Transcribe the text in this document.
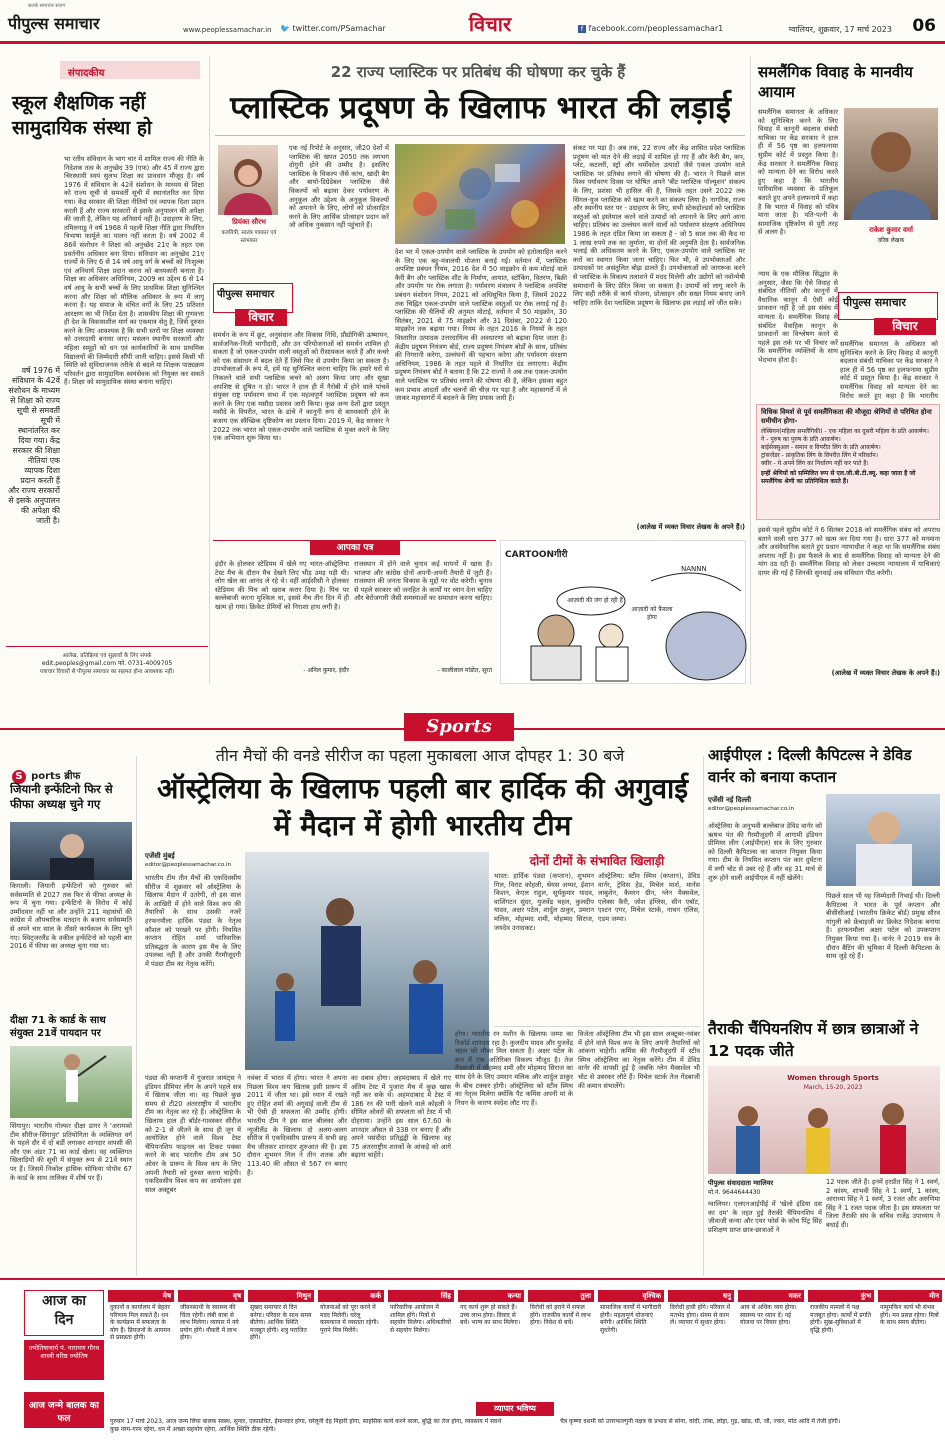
पीपुल्स समाचार
सतर्क समाचार सजग
www.peoplessamachar.in	🐦 twitter.com/PSamachar	विचार	f facebook.com/peoplessamachar1	ग्वालियर, शुक्रवार, 17 मार्च 2023	06
संपादकीय
स्कूल शैक्षणिक नहीं सामुदायिक संस्था हो
भा रतीय संविधान के भाग चार में शामिल राज्य की नीति के निदेशक तत्व के अनुच्छेद 39 (एफ) और 45 में राज्य द्वारा चिरस्थायी स्वयं सुलभ शिक्षा का प्रावधान मौजूद है। वर्ष 1976 में संविधान के 42वें संशोधन के माध्यम से शिक्षा को राज्य सूची से समवर्ती सूची में स्थानांतरित कर दिया गया। केंद्र सरकार की शिक्षा नीतियों एवं व्यापक दिशा प्रदान करती हैं और राज्य सरकारों से इसके अनुपालन की अपेक्षा की जाती है, लेकिन यह अनिवार्य नहीं है। उदाहरण के लिए, तमिलनाडु ने वर्ष 1968 में पहली शिक्षा नीति द्वारा निर्धारित त्रिभाषा फार्मूले का पालन नहीं करता है। वर्ष 2002 में 86वें संशोधन ने शिक्षा को अनुच्छेद 21ए के तहत एक प्रवर्तनीय अधिकार बना दिया। संविधान का अनुच्छेद 21ए राज्यों के लिए 6 से 14 वर्ष आयु वर्ग के बच्चों को निःशुल्क एवं अनिवार्य शिक्षा प्रदान करना को बाध्यकारी बनाता है। शिक्षा का अधिकार अधिनियम, 2009 का उद्देश्य 6 से 14 वर्ष आयु के सभी बच्चों के लिए प्राथमिक शिक्षा सुनिश्चित करना और शिक्षा को मौलिक अधिकार के रूप में लागू करना है। यह समाज के वंचित वर्गों के लिए 25 प्रतिशत आरक्षण का भी निर्देश देता है। शासकीय शिक्षा की गुणवत्ता ही देश के विकासशील मार्ग का एकमात्र सेतु है, जिसे दुरुस्त करने के लिए आवश्यक है कि सभी स्तरों पर शिक्षा व्यवस्था को उत्तरदायी बनाया जाए। मसलन स्थानीय सरकारों और महिला समूहों को धन एवं कार्यकारियों के साथ प्राथमिक विद्यालयों की जिम्मेदारी सौंपी जानी चाहिए। इससे किसी भी स्थिति को सुविधाजनक तरीके से बदले या शिक्षक पाठ्यक्रम परिवर्तन द्वारा सामुदायिक स्वयंसेवक को नियुक्त कर सकते हैं। शिक्षा को सामुदायिक संस्था बनाना चाहिए।
वर्ष 1976 में संविधान के 42वें संशोधन के माध्यम से शिक्षा को राज्य सूची से समवर्ती सूची में स्थानांतरित कर दिया गया। केंद्र सरकार की शिक्षा नीतियां एक व्यापक दिशा प्रदान करती हैं और राज्य सरकारों से इसके अनुपालन की अपेक्षा की जाती है।
आलेख, प्रतिक्रिया एवं सुझावों के लिए संपर्क
edit.peoples@gmail.com फो. 0731-4009705
पत्राचार विचारों से पीपुल्स समाचार का सहमत होना आवश्यक नहीं।
22 राज्य प्लास्टिक पर प्रतिबंध की घोषणा कर चुके हैं
प्लास्टिक प्रदूषण के खिलाफ भारत की लड़ाई
प्रियंका सौरभ
कवयित्री, स्वतंत्र पत्रकार एवं स्तंभकार
एक नई रिपोर्ट के अनुसार, जी20 देशों में प्लास्टिक की खपत 2050 तक लगभग दोगुनी होने की उम्मीद है। इसलिए प्लास्टिक के विकल्प जैसे कांच, खादी बैग और बायो-डिग्रेडेबल प्लास्टिक जैसे विकल्पों को बढ़ावा देकर पर्यावरण के अनुकूल और उद्देश्य के अनुकूल विकल्पों को अपनाने के लिए, लोगों को प्रोत्साहित करने के लिए आर्थिक प्रोत्साहन प्रदान करें जो अधिक नुकसान नहीं पहुंचाते हैं।
पीपुल्स समाचार
विचार
समर्थन के रूप में छूट, अनुसंधान और विकास निधि, प्रौद्योगिकी ऊष्मायन, सार्वजनिक-निजी भागीदारी, और उन परियोजनाओं को समर्थन शामिल हो सकता है जो एकल-उपयोग वाली वस्तुओं को रीसायकल करते हैं और कचरे को एक संसाधन में बदल देते हैं जिसे फिर से उपयोग किया जा सकता है। उपभोक्ताओं के रूप में, हमें यह सुनिश्चित करना चाहिए कि हमारे घरों से निकलने वाले सभी प्लास्टिक कचरे को अलग किया जाए और सूखा अपशिष्ट से दूषित न हो। भारत ने हाल ही में नैरोबी में होने वाले पांचवें संयुक्त राष्ट्र पर्यावरण सभा में एक महत्वपूर्ण प्लास्टिक प्रदूषण को कम करने के लिए एक मसौदा प्रस्ताव जारी किया। कुछ अन्य देशों द्वारा प्रस्तुत मसौदे के विपरीत, भारत के ढांचे ने कानूनी रूप से बाध्यकारी होने के बजाय एक स्वैच्छिक दृष्टिकोण का प्रस्ताव दिया। 2019 में, केंद्र सरकार ने 2022 तक भारत को एकल-उपयोग वाले प्लास्टिक से मुक्त करने के लिए एक अभियान शुरू किया था।
देश भर में एकल-उपयोग वाले प्लास्टिक के उपयोग को हतोत्साहित करने के लिए एक बहु-मंत्रालयी योजना बनाई गई। वर्तमान में, प्लास्टिक अपशिष्ट प्रबंधन नियम, 2016 देश में 50 माइक्रोन से कम मोटाई वाले कैरी बैग और प्लास्टिक शीट के निर्माण, आयात, स्टॉकिंग, वितरण, बिक्री और उपयोग पर रोक लगाता है। पर्यावरण मंत्रालय ने प्लास्टिक अपशिष्ट प्रबंधन संशोधन नियम, 2021 को अधिसूचित किया है, जिसमें 2022 तक चिह्नित एकल-उपयोग वाले प्लास्टिक वस्तुओं पर रोक लगाई गई है। प्लास्टिक की थैलियों की अनुमत मोटाई, वर्तमान में 50 माइक्रोन, 30 सितंबर, 2021 से 75 माइक्रोन और 31 दिसंबर, 2022 से 120 माइक्रोन तक बढ़ाया गया। नियम के तहत 2016 के नियमों के तहत विस्तारित उत्पादक उत्तरदायित्व की अवधारणा को बढ़ावा दिया जाता है। केंद्रीय प्रदूषण नियंत्रण बोर्ड, राज्य प्रदूषण नियंत्रण बोर्डों के साथ, प्रतिबंध की निगरानी करेगा, उल्लंघनों की पहचान करेगा और पर्यावरण संरक्षण अधिनियम, 1986 के तहत पहले से निर्धारित दंड लगाएगा। केंद्रीय प्रदूषण नियंत्रण बोर्ड ने बताया है कि 22 राज्यों ने अब तक एकल-उपयोग वाले प्लास्टिक पर प्रतिबंध लगाने की घोषणा की है, लेकिन इसका बहुत कम प्रभाव आदतों और चलनों की चीज़ पर पड़ा है और महासागरों में ले जाकर महासागरों में बदलने के लिए प्रयास जारी हैं।
संकट पर पड़ा है। अब तक, 22 राज्य और केंद्र शासित प्रदेश प्लास्टिक प्रदूषण को मात देने की लड़ाई में शामिल हो गए हैं और कैरी बैग, कप, प्लेट, कटलरी, स्ट्रॉ और थर्मोकोल उत्पादों जैसे एकल उपयोग वाले प्लास्टिक पर प्रतिबंध लगाने की घोषणा की है। भारत ने पिछले साल विश्व पर्यावरण दिवस पर घोषित अपने 'बीट प्लास्टिक पॉल्यूशन' संकल्प के लिए, प्रशंसा भी हासिल की है, जिसके तहत उसने 2022 तक सिंगल-यूज प्लास्टिक को खत्म करने का संकल्प लिया है। नागरिक, राज्य और स्थानीय स्तर पर - उदाहरण के लिए, सभी स्टेकहोल्डर्स को प्लास्टिक वस्तुओं को इस्तेमाल करने वाले उत्पादों को अपनाने के लिए आगे आना चाहिए। प्रतिबंध का उल्लंघन करने वालों को पर्यावरण संरक्षण अधिनियम 1986 के तहत दंडित किया जा सकता है - जो 5 साल तक की कैद या 1 लाख रुपये तक का जुर्माना, या दोनों की अनुमति देता है। सार्वजनिक भलाई की अधिकतम करने के लिए, एकल-उपयोग वाले प्लास्टिक पर करों का स्वागत किया जाना चाहिए। फिर भी, वे उपभोक्ताओं और उत्पादकों पर असंतुलित बोझ डालते हैं। उपभोक्ताओं को जागरूक करने से प्लास्टिक के विकल्प तलाशने में मदद मिलेगी और उद्योगों को नवोन्मेषी समाधानों के लिए प्रेरित किया जा सकता है। उपायों को लागू करने के लिए सही तरीके से कार्य योजना, प्रोत्साहन और सख्त नियम बनाए जाने चाहिए ताकि देश प्लास्टिक प्रदूषण के खिलाफ इस लड़ाई को जीत सके।
(आलेख में व्यक्त विचार लेखक के अपने हैं।)
आपका पत्र
इंदौर के होलकर स्टेडियम में खेले गए भारत-ऑस्ट्रेलिया टेस्ट मैच के दौरान मैच देखने लिए भीड़ उमड़ पड़ी थी। लोग खेल का आनंद ले रहे थे। वहीं आईसीसी ने होलकर स्टेडियम की पिच को खराब करार दिया है। पिच पर बल्लेबाजी करना मुश्किल था, इससे मैच तीन दिन में ही खत्म हो गया। क्रिकेट प्रेमियों को निराशा हाथ लगी है।
- अनिल कुमार, इंदौर
राजस्थान में होने वाले चुनाव कई मायनों में खास हैं। भाजपा और कांग्रेस दोनों अपनी-अपनी तैयारी में जुटी हैं। राजस्थान की जनता विकास के मुद्दों पर वोट करेगी। चुनाव से पहले सरकार को जनहित के कार्यों पर ध्यान देना चाहिए और बेरोजगारी जैसी समस्याओं का समाधान करना चाहिए।
- कालीलाल मांडोत, सूरत
CARTOONगीरी
आज़ादी की जंग हो रही है
आज़ादी को फ़ैसला होगा
NANNN
समलैंगिक विवाह के मानवीय आयाम
समलैंगिक समानता के अधिकार को सुनिश्चित करने के लिए विवाह में कानूनी बदलाव संबंधी याचिका पर केंद्र सरकार ने हाल ही में 56 पृष्ठ का हलफनामा सुप्रीम कोर्ट में प्रस्तुत किया है। केंद्र सरकार ने समलैंगिक विवाह को मान्यता देने का विरोध करते हुए कहा है कि भारतीय पारिवारिक व्यवस्था के प्रतिकूल बताते हुए अपने हलफनामे में कहा है कि भारत में विवाह को पवित्र माना जाता है। पति-पत्नी के सामाजिक दृष्टिकोण से पूरी तरह से अलग है।	राकेश कुमार वर्मा
वरिष्ठ लेखक
पीपुल्स समाचार
विचार
न्याय के एक मौलिक सिद्धांत के अनुसार, जैसा कि ऐसे विवाह से संबंधित नीतियों और कानूनों में वैधानिक कानून में ऐसी कोई प्रावधान नहीं है जो इस संबंध में मान्यता दे। समलैंगिक विवाह से संबंधित वैवाहिक कानून के प्रावधानों का विश्लेषण करने से पहले इस तर्क पर भी विचार करें कि समलैंगिक व्यक्तियों के साथ भेदभाव होता है।
समलैंगिक समानता के अधिकार को सुनिश्चित करने के लिए विवाह में कानूनी बदलाव संबंधी याचिका पर केंद्र सरकार ने हाल ही में 56 पृष्ठ का हलफनामा सुप्रीम कोर्ट में प्रस्तुत किया है। केंद्र सरकार ने समलैंगिक विवाह को मान्यता देने का विरोध करते हुए कहा है कि भारतीय
विधिक विमर्श से पूर्व समलैंगिकता की मौजूदा श्रेणियों से परिचित होना समीचीन होगा-
लेस्बियन(महिला समलैंगिकी) - एक महिला का दूसरी महिला के प्रति आकर्षण।
गे - पुरुष का पुरुष के प्रति आकर्षण।
बाईसेक्सुअल - समान व विपरीत लिंग के प्रति आकर्षण।
ट्रांसजेंडर - प्राकृतिक लिंग के विपरीत लिंग में परिवर्तन।
क्वीर - ये अपने लिंग का निर्धारण नहीं कर पाते हैं।
इन्हीं श्रेणियों को सम्मिलित रूप से एल.जी.बी.टी.क्यू. कहा जाता है जो समलैंगिक श्रेणी का प्रतिनिधित्व करते हैं।
इससे पहले सुप्रीम कोर्ट ने 6 सितंबर 2018 को समलैंगिक संबंध को अपराध बताने वाली धारा 377 को खत्म कर दिया गया है। धारा 377 को मनमाना और असंवैधानिक बताते हुए प्रधान न्यायाधीश ने कहा था कि समलैंगिक संबंध अपराध नहीं है। इस फैसले के बाद से समलैंगिक विवाह को मान्यता देने की मांग उठ रही है। समलैंगिक विवाह को लेकर उच्चतम न्यायालय में याचिकाएं दायर की गई हैं जिनकी सुनवाई अब संविधान पीठ करेगी।
(आलेख में व्यक्त विचार लेखक के अपने हैं।)
Sports
S ports ब्रीफ
जियानी इन्फेंटिनो फिर से फीफा अध्यक्ष चुने गए
किगाली। जियानी इन्फेंटिनो को गुरुवार को सर्वसम्मति से 2027 तक फिर से फीफा अध्यक्ष के रूप में चुना गया। इन्फेंटिनो के विरोध में कोई उम्मीदवार नहीं था और उन्होंने 211 महासंघों की कांग्रेस में औपचारिक मतदान के बजाय सर्वसम्मति से अपने चार साल के तीसरे कार्यकाल के लिए चुने गए। स्विट्जरलैंड के वकील इन्फेंटिनो को पहली बार 2016 में फीफा का अध्यक्ष चुना गया था।
दीक्षा 71 के कार्ड के साथ संयुक्त 21वें पायदान पर
सिंगापुर। भारतीय गोल्फर दीक्षा डागर ने 'अरामको टीम सीरीज-सिंगापुर' प्रतियोगिता के व्यक्तिगत वर्ग के पहले दौर में दो बर्डी लगाकर शानदार वापसी की और एक अंडर 71 का कार्ड खेला। वह व्यक्तिगत खिलाड़ियों की सूची में संयुक्त रूप से 21वें स्थान पर हैं। जिसमें निकोल हासिक सोफिया पोपोव 67 के कार्ड के साथ तालिका में शीर्ष पर हैं।
तीन मैचों की वनडे सीरीज का पहला मुकाबला आज दोपहर 1: 30 बजे
ऑस्ट्रेलिया के खिलाफ पहली बार हार्दिक की अगुवाई में मैदान में होगी भारतीय टीम
एजेंसी मुंबई
editor@peoplessamachar.co.in
भारतीय टीम तीन मैचों की एकदिवसीय सीरीज में शुक्रवार को ऑस्ट्रेलिया के खिलाफ मैदान में उतरेगी, तो इस साल के आखिरी में होने वाले विश्व कप की तैयारियों के साथ उसकी नजरें हरफनमौला हार्दिक पंड्या के नेतृत्व कौशल को परखने पर होंगी। नियमित कप्तान रोहित शर्मा पारिवारिक प्रतिबद्धता के कारण इस मैच के लिए उपलब्ध नहीं है और उनकी गैरमौजूदगी में पंड्या टीम का नेतृत्व करेंगे।
दोनों टीमों के संभावित खिलाड़ी
भारत: हार्दिक पंड्या (कप्तान), शुभमन गिल, विराट कोहली, श्रेयस अय्यर, ईशान किशन, केएल राहुल, सूर्यकुमार यादव, वाशिंगटन सुंदर, युजवेंद्र चहल, कुलदीप यादव, अक्षर पटेल, शार्दुल ठाकुर, उमरान मलिक, मोहम्मद शमी, मोहम्मद सिराज, जयदेव उनादकट।
ऑस्ट्रेलिया: स्टीव स्मिथ (कप्तान), डेविड वार्नर, ट्रेविस हेड, मिचेल मार्श, मार्नस लाबुशेन, कैमरन ग्रीन, ग्लेन मैक्सवेल, एलेक्स कैरी, जोश इंग्लिस, सीन एबॉट, एश्टन एगर, मिचेल स्टार्क, नाथन एलिस, एडम जम्पा।
पंड्या की कप्तानी में गुजरात जायंट्स ने इंडियन प्रीमियर लीग के अपने पहले सत्र में खिताब जीता था। वह पिछले कुछ समय से टी20 अंतरराष्ट्रीय में भारतीय टीम का नेतृत्व कर रहे हैं। ऑस्ट्रेलिया के खिलाफ हाल ही बॉर्डर-गावस्कर सीरीज को 2-1 से जीतने के साथ ही जून में आयोजित होने वाले विश्व टेस्ट चैंपियनशिप फाइनल का टिकट पक्का करने के बाद भारतीय टीम अब 50 ओवर के प्रारूप के विश्व कप के लिए अपनी तैयारी को दुरुस्त करना चाहेगी। एकदिवसीय विश्व कप का आयोजन इस साल अक्टूबर
नवंबर में भारत में होगा। भारत ने अपना पिछला विश्व कप खिताब इसी प्रारूप में 2011 में जीता था। इसे ध्यान में रखते हुए रोहित शर्मा की अगुवाई वाली टीम से भी ऐसी ही सफलता की उम्मीद होगी। भारतीय टीम ने इस साल श्रीलंका और न्यूजीलैंड के खिलाफ दो अलग-अलग सीरीज में एकदिवसीय प्रारूप में सभी छह मैच जीतकर शानदार शुरुआत की है। इस दौरान शुभमन गिल ने तीन शतक और 113.40 की औसत से 567 रन बनाए हैं।
का दबाव होगा। अहमदाबाद में खेले गए अंतिम टेस्ट में पुजारा मैच में कुछ खास नहीं कर सके थे। अहमदाबाद में टेस्ट में 186 रन की पारी खेलने वाले कोहली ने सीमित ओवरों की सफलता को टेस्ट में भी दोहराया। उन्होंने इस साल 67.60 के शानदार औसत से 338 रन बनाए हैं और अपने पसंदीदा प्रतिद्वंद्वी के खिलाफ वह 75 अंतरराष्ट्रीय शतकों के आंकड़े को आगे बढ़ाना चाहेंगे।
होगा। भारतीय रन मशीन के खिलाफ जम्पा का रिकॉर्ड शानदार रहा है। कुलदीप यादव और युजवेंद्र चहल को मौका मिल सकता है। अक्षर पटेल के रूप में एक अतिरिक्त विकल्प मौजूद है। तेज गेंदबाजी में मोहम्मद शमी और मोहम्मद सिराज का साथ देने के लिए उमरान मलिक और शार्दुल ठाकुर के बीच टक्कर होगी। ऑस्ट्रेलिया को स्टीव स्मिथ का नेतृत्व मिलेगा क्योंकि पैट कमिंस अपनी मां के निधन के कारण स्वदेश लौट गए हैं।
विजेता ऑस्ट्रेलिया टीम भी इस साल अक्टूबर-नवंबर में होने वाले विश्व कप के लिए अपनी तैयारियों को आंकना चाहेगी। कमिंस की गैरमौजूदगी में स्टीव स्मिथ ऑस्ट्रेलिया का नेतृत्व करेंगे। टीम में डेविड वार्नर की वापसी हुई है जबकि ग्लेन मैक्सवेल भी चोट से उबरकर लौटे हैं। मिचेल स्टार्क तेज गेंदबाजी की कमान संभालेंगे।
आईपीएल : दिल्ली कैपिटल्स ने डेविड वार्नर को बनाया कप्तान
एजेंसी नई दिल्ली
editor@peoplessamachar.co.in
ऑस्ट्रेलिया के अनुभवी बल्लेबाज डेविड वार्नर को ऋषभ पंत की गैरमौजूदगी में आगामी इंडियन प्रीमियर लीग (आईपीएल) सत्र के लिए गुरुवार को दिल्ली कैपिटल्स का कप्तान नियुक्त किया गया। टीम के नियमित कप्तान पंत कार दुर्घटना में लगी चोट से उबर रहे हैं और वह 31 मार्च से शुरू होने वाली आईपीएल में नहीं खेलेंगे।
पिछले साल भी यह जिम्मेदारी निभाई थी। दिल्ली कैपिटल्स ने भारत के पूर्व कप्तान और बीसीसीआई (भारतीय क्रिकेट बोर्ड) प्रमुख सौरव गांगुली को फ्रेंचाइजी का क्रिकेट निदेशक बनाया है। हरफनमौला अक्षर पटेल को उपकप्तान नियुक्त किया गया है। वार्नर ने 2019 सत्र के दौरान बैटिंग की भूमिका में दिल्ली कैपिटल्स के साथ जुड़े रहे हैं।
तैराकी चैंपियनशिप में छात्र छात्राओं ने 12 पदक जीते
Women through Sports
March, 15-20, 2023
पीपुल्स संवाददाता ग्वालियर
मो.नं. 9644644430
ग्वालियर। एलएनआईपीई में 'खेलो इंडिया दस का दम' के तहत हुई तैराकी चैंपियनशिप में जीवाजी कन्या और एयर फोर्स के कोच पिंट्र सिंह प्रशिक्षण प्राप्त छात्र-छात्राओं ने
12 पदक जीते हैं। इनमें हरप्रीत सिंह ने 1 स्वर्ण, 2 कांस्य, शांभवी सिंह ने 1 स्वर्ण, 1 कांस्य, आराध्या सिंह ने 1 स्वर्ण, 3 रजत और अरुणिमा सिंह ने 1 रजत पदक जीता है। इस सफलता पर जिला तैराकी संघ के सचिव राजेंद्र उपाध्याय ने बधाई दी।
आज का
दिन
ज्योतिषाचार्य पं. नारायण गौरव शास्त्री वरिष्ठ ज्योतिष
आज जन्मे बालक का फल
मेष
दुकानों व कार्यालय में बेहतर परिणाम मिल सकते हैं। धन के कार्यक्रम में सफलता के योग हैं। प्रियजनों के आगमन से प्रसन्नता होगी।
वृष
जीवनसाथी के स्वास्थ्य की चिंता रहेगी। लंबी यात्रा से लाभ मिलेगा। व्यापार में नये प्रयोग होंगे। नौकरी में लाभ होगा।
मिथुन
सुखद समाचार से दिन बनेगा। परिवार के साथ समय बीतेगा। आर्थिक स्थिति मजबूत होगी। शत्रु पराजित होंगे।
कर्क
योजनाओं को पूरा करने में मदद मिलेगी। घरेलू कामकाज में व्यस्तता रहेगी। पुराने मित्र मिलेंगे।
सिंह
पारिवारिक आयोजन में शामिल होंगे। मित्रों से सहयोग मिलेगा। अधिकारियों से सहयोग मिलेगा।
कन्या
नए कार्य शुरू हो सकते हैं। उच्च लाभ होगा। विवाद से बचें। भाग्य का साथ मिलेगा।
तुला
विरोधी को हराने में सफल होंगे। राजकीय कार्यों में लाभ होगा। निवेश से बचें।
वृश्चिक
सामाजिक कार्यों में भागीदारी होगी। महत्वपूर्ण योजनाएं बनेंगी। आर्थिक स्थिति सुधरेगी।
धनु
विरोधी हावी होंगे। परिवार में मतभेद होगा। संयम से काम लें। व्यापार में सुधार होगा।
मकर
आय से अधिक व्यय होगा। स्वास्थ्य पर ध्यान दें। नई योजना पर विचार होगा।
कुंभ
राजकीय मामलों में पक्ष मजबूत होगा। कार्यों में प्रगति होगी। सुख-सुविधाओं में वृद्धि होगी।
मीन
नामुमकिन कार्य भी संभव होंगे। मन प्रसन्न रहेगा। मित्रों के साथ समय बीतेगा।
गुरुवार 17 मार्च 2023, आज जन्म लिया बालक स्वस्थ, सुन्दर, एकाग्रचित, ईमानदार होगा, घरेलूनी देह निहारी होगा, साहसिक कार्य करने वाला, बुद्धि का तेज होगा, व्यवसाय में स्वार्थ कुछ नरम-गरम रहेगा, धन में अच्छा सहयोग रहेगा, आर्थिक स्थिति ठीक रहेगी।
व्यापार भविष्य
चैत्र कृष्णा दशमी को उत्तरफाल्गुनी नक्षत्र के प्रभाव से सोना, चांदी, तांबा, लोहा, गुड़, खांड, घी, जौ, ज्वार, मोठ आदि में तेजी होगी।
